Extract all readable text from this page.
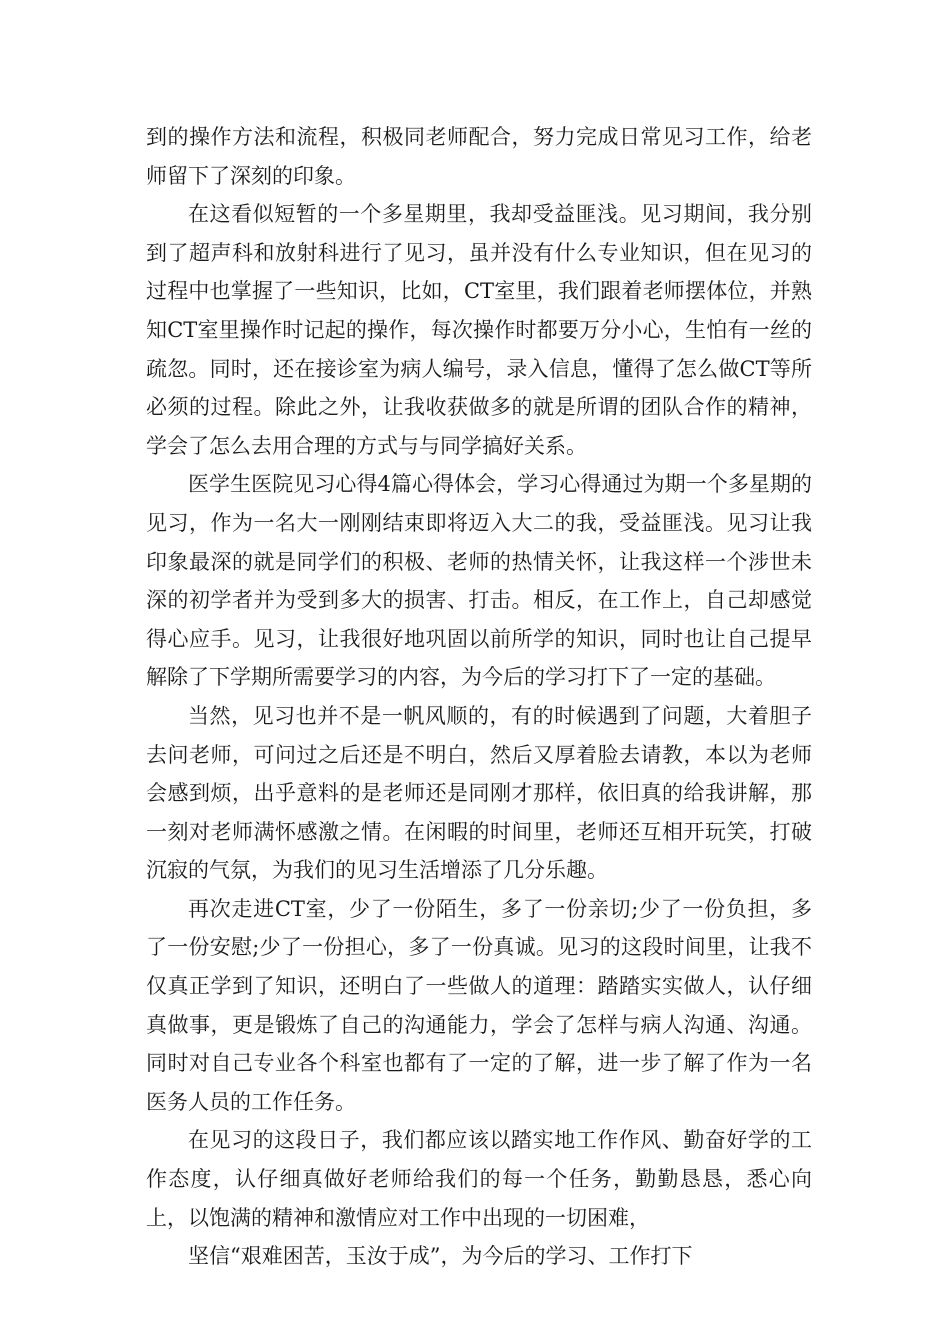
到的操作方法和流程，积极同老师配合，努力完成日常见习工作，给老师留下了深刻的印象。

在这看似短暂的一个多星期里，我却受益匪浅。见习期间，我分别到了超声科和放射科进行了见习，虽并没有什么专业知识，但在见习的过程中也掌握了一些知识，比如，CT室里，我们跟着老师摆体位，并熟知CT室里操作时记起的操作，每次操作时都要万分小心，生怕有一丝的疏忽。同时，还在接诊室为病人编号，录入信息，懂得了怎么做CT等所必须的过程。除此之外，让我收获做多的就是所谓的团队合作的精神，学会了怎么去用合理的方式与与同学搞好关系。

医学生医院见习心得4篇心得体会，学习心得通过为期一个多星期的见习，作为一名大一刚刚结束即将迈入大二的我，受益匪浅。见习让我印象最深的就是同学们的积极、老师的热情关怀，让我这样一个涉世未深的初学者并为受到多大的损害、打击。相反，在工作上，自己却感觉得心应手。见习，让我很好地巩固以前所学的知识，同时也让自己提早解除了下学期所需要学习的内容，为今后的学习打下了一定的基础。

当然，见习也并不是一帆风顺的，有的时候遇到了问题，大着胆子去问老师，可问过之后还是不明白，然后又厚着脸去请教，本以为老师会感到烦，出乎意料的是老师还是同刚才那样，依旧真的给我讲解，那一刻对老师满怀感激之情。在闲暇的时间里，老师还互相开玩笑，打破沉寂的气氛，为我们的见习生活增添了几分乐趣。

再次走进CT室，少了一份陌生，多了一份亲切;少了一份负担，多了一份安慰;少了一份担心，多了一份真诚。见习的这段时间里，让我不仅真正学到了知识，还明白了一些做人的道理：踏踏实实做人，认仔细真做事，更是锻炼了自己的沟通能力，学会了怎样与病人沟通、沟通。同时对自己专业各个科室也都有了一定的了解，进一步了解了作为一名医务人员的工作任务。

在见习的这段日子，我们都应该以踏实地工作作风、勤奋好学的工作态度，认仔细真做好老师给我们的每一个任务，勤勤恳恳，悉心向上，以饱满的精神和激情应对工作中出现的一切困难，

坚信“艰难困苦，玉汝于成”，为今后的学习、工作打下
